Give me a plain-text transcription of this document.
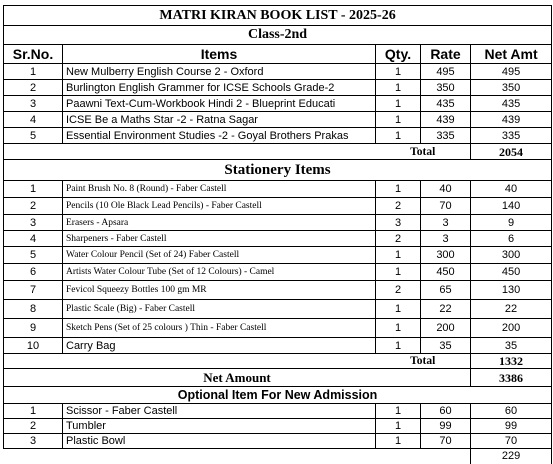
MATRI KIRAN BOOK LIST - 2025-26				
Class-2nd				
Sr.No.	Items	Qty.	Rate	Net Amt
1	New Mulberry English Course 2 - Oxford	1	495	495
2	Burlington English Grammer for ICSE Schools Grade-2	1	350	350
3	Paawni Text-Cum-Workbook Hindi 2 - Blueprint Educati	1	435	435
4	ICSE Be a Maths Star -2 - Ratna Sagar	1	439	439
5	Essential Environment Studies -2 - Goyal Brothers Prakas	1	335	335
		Total		2054
Stationery Items				
1	Paint Brush No. 8 (Round) - Faber Castell	1	40	40
2	Pencils (10 Ole Black Lead Pencils) - Faber Castell	2	70	140
3	Erasers - Apsara	3	3	9
4	Sharpeners - Faber Castell	2	3	6
5	Water Colour Pencil (Set of 24) Faber Castell	1	300	300
6	Artists Water Colour Tube (Set of 12 Colours) - Camel	1	450	450
7	Fevicol Squeezy Bottles 100 gm MR	2	65	130
8	Plastic Scale (Big) - Faber Castell	1	22	22
9	Sketch Pens (Set of 25 colours ) Thin - Faber Castell	1	200	200
10	Carry Bag	1	35	35
		Total		1332
Net Amount				3386
Optional Item For New Admission				
1	Scissor - Faber Castell	1	60	60
2	Tumbler	1	99	99
3	Plastic Bowl	1	70	70
				229
